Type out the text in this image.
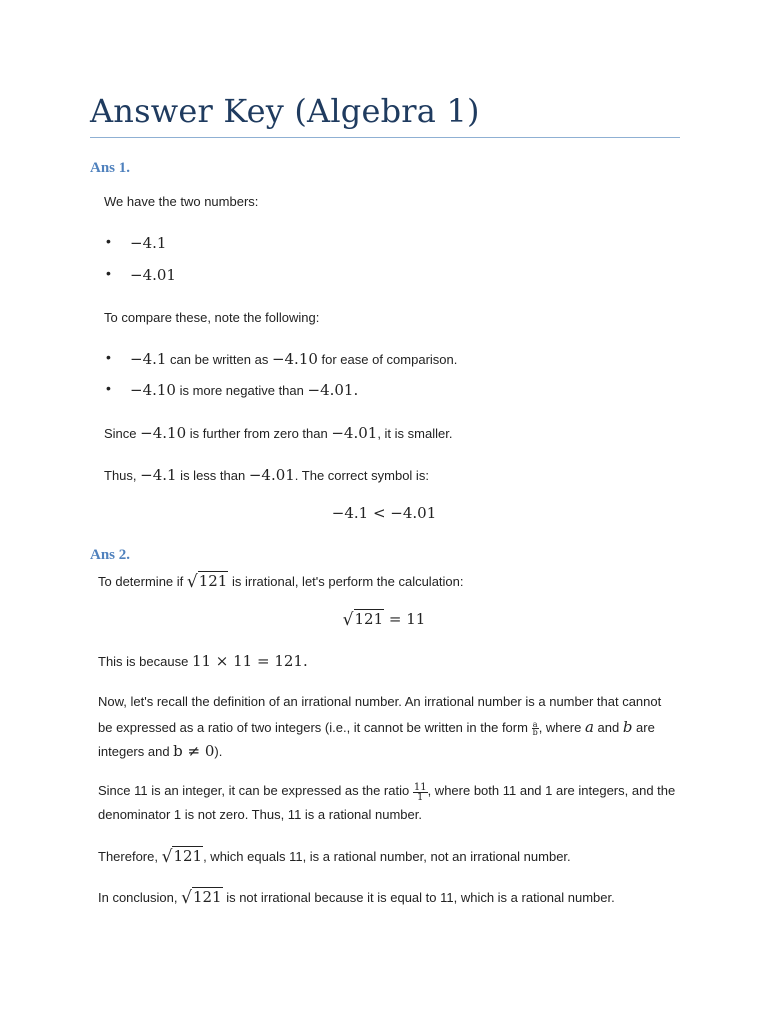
Answer Key (Algebra 1)
Ans 1.
We have the two numbers:
• −4.1
• −4.01
To compare these, note the following:
• −4.1 can be written as −4.10 for ease of comparison.
• −4.10 is more negative than −4.01.
Since −4.10 is further from zero than −4.01, it is smaller.
Thus, −4.1 is less than −4.01. The correct symbol is:
−4.1 < −4.01
Ans 2.
To determine if √121 is irrational, let's perform the calculation:
√121 = 11
This is because 11 × 11 = 121.
Now, let's recall the definition of an irrational number. An irrational number is a number that cannot
be expressed as a ratio of two integers (i.e., it cannot be written in the form $\frac{a}{b}$ , where a and b are
integers and b ≠ 0).
Since 11 is an integer, it can be expressed as the ratio $\frac{11}{1}$ , where both 11 and 1 are integers, and the
denominator 1 is not zero. Thus, 11 is a rational number.
Therefore, √121, which equals 11, is a rational number, not an irrational number.
In conclusion, √121 is not irrational because it is equal to 11, which is a rational number.
